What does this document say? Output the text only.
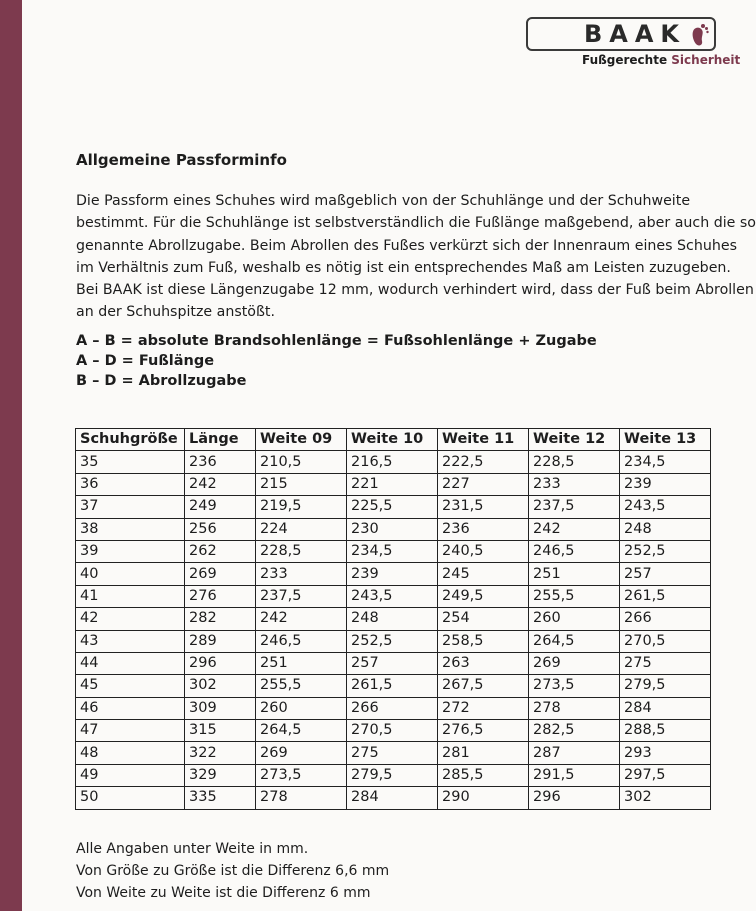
BAAK
Fußgerechte Sicherheit
Allgemeine Passforminfo
Die Passform eines Schuhes wird maßgeblich von der Schuhlänge und der Schuhweite
bestimmt. Für die Schuhlänge ist selbstverständlich die Fußlänge maßgebend, aber auch die so
genannte Abrollzugabe. Beim Abrollen des Fußes verkürzt sich der Innenraum eines Schuhes
im Verhältnis zum Fuß, weshalb es nötig ist ein entsprechendes Maß am Leisten zuzugeben.
Bei BAAK ist diese Längenzugabe 12 mm, wodurch verhindert wird, dass der Fuß beim Abrollen
an der Schuhspitze anstößt.
A – B = absolute Brandsohlenlänge = Fußsohlenlänge + Zugabe
A – D = Fußlänge
B – D = Abrollzugabe
Schuhgröße	Länge	Weite 09	Weite 10	Weite 11	Weite 12	Weite 13
35	236	210,5	216,5	222,5	228,5	234,5
36	242	215	221	227	233	239
37	249	219,5	225,5	231,5	237,5	243,5
38	256	224	230	236	242	248
39	262	228,5	234,5	240,5	246,5	252,5
40	269	233	239	245	251	257
41	276	237,5	243,5	249,5	255,5	261,5
42	282	242	248	254	260	266
43	289	246,5	252,5	258,5	264,5	270,5
44	296	251	257	263	269	275
45	302	255,5	261,5	267,5	273,5	279,5
46	309	260	266	272	278	284
47	315	264,5	270,5	276,5	282,5	288,5
48	322	269	275	281	287	293
49	329	273,5	279,5	285,5	291,5	297,5
50	335	278	284	290	296	302
Alle Angaben unter Weite in mm.
Von Größe zu Größe ist die Differenz 6,6 mm
Von Weite zu Weite ist die Differenz 6 mm
